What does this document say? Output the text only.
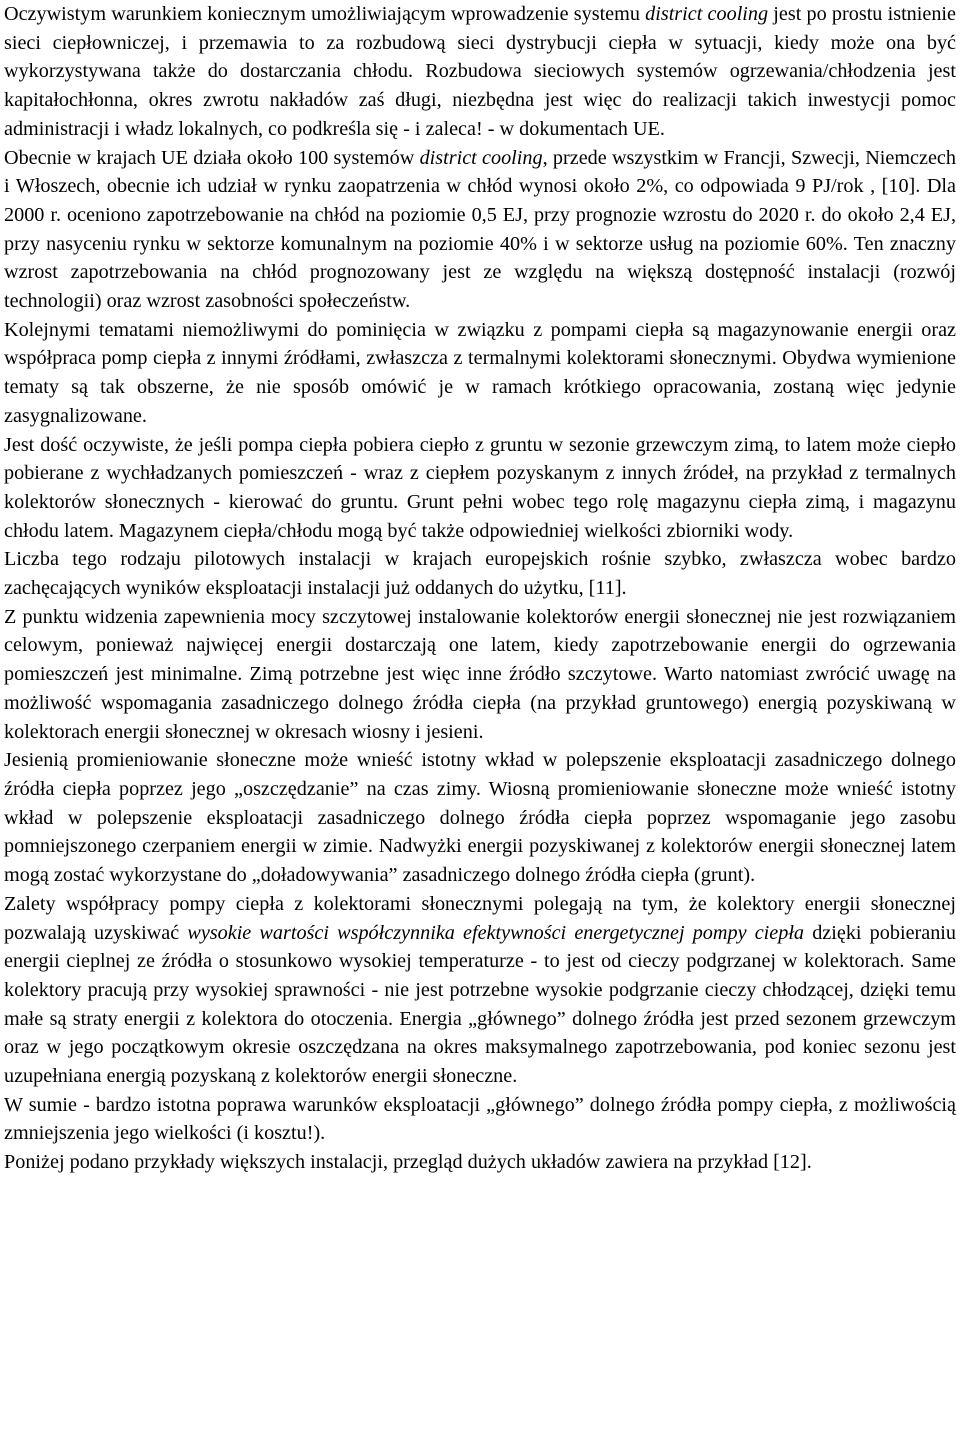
Oczywistym warunkiem koniecznym umożliwiającym wprowadzenie systemu district cooling jest po prostu istnienie sieci ciepłowniczej, i przemawia to za rozbudową sieci dystrybucji ciepła w sytuacji, kiedy może ona być wykorzystywana także do dostarczania chłodu. Rozbudowa sieciowych systemów ogrzewania/chłodzenia jest kapitałochłonna, okres zwrotu nakładów zaś długi, niezbędna jest więc do realizacji takich inwestycji pomoc administracji i władz lokalnych, co podkreśla się - i zaleca! - w dokumentach UE.

Obecnie w krajach UE działa około 100 systemów district cooling, przede wszystkim w Francji, Szwecji, Niemczech i Włoszech, obecnie ich udział w rynku zaopatrzenia w chłód wynosi około 2%, co odpowiada 9 PJ/rok , [10]. Dla 2000 r. oceniono zapotrzebowanie na chłód na poziomie 0,5 EJ, przy prognozie wzrostu do 2020 r. do około 2,4 EJ, przy nasyceniu rynku w sektorze komunalnym na poziomie 40% i w sektorze usług na poziomie 60%. Ten znaczny wzrost zapotrzebowania na chłód prognozowany jest ze względu na większą dostępność instalacji (rozwój technologii) oraz wzrost zasobności społeczeństw.

Kolejnymi tematami niemożliwymi do pominięcia w związku z pompami ciepła są magazynowanie energii oraz współpraca pomp ciepła z innymi źródłami, zwłaszcza z termalnymi kolektorami słonecznymi. Obydwa wymienione tematy są tak obszerne, że nie sposób omówić je w ramach krótkiego opracowania, zostaną więc jedynie zasygnalizowane.

Jest dość oczywiste, że jeśli pompa ciepła pobiera ciepło z gruntu w sezonie grzewczym zimą, to latem może ciepło pobierane z wychładzanych pomieszczeń - wraz z ciepłem pozyskanym z innych źródeł, na przykład z termalnych kolektorów słonecznych - kierować do gruntu. Grunt pełni wobec tego rolę magazynu ciepła zimą, i magazynu chłodu latem. Magazynem ciepła/chłodu mogą być także odpowiedniej wielkości zbiorniki wody.

Liczba tego rodzaju pilotowych instalacji w krajach europejskich rośnie szybko, zwłaszcza wobec bardzo zachęcających wyników eksploatacji instalacji już oddanych do użytku, [11].

Z punktu widzenia zapewnienia mocy szczytowej instalowanie kolektorów energii słonecznej nie jest rozwiązaniem celowym, ponieważ najwięcej energii dostarczają one latem, kiedy zapotrzebowanie energii do ogrzewania pomieszczeń jest minimalne. Zimą potrzebne jest więc inne źródło szczytowe. Warto natomiast zwrócić uwagę na możliwość wspomagania zasadniczego dolnego źródła ciepła (na przykład gruntowego) energią pozyskiwaną w kolektorach energii słonecznej w okresach wiosny i jesieni.

Jesienią promieniowanie słoneczne może wnieść istotny wkład w polepszenie eksploatacji zasadniczego dolnego źródła ciepła poprzez jego „oszczędzanie” na czas zimy. Wiosną promieniowanie słoneczne może wnieść istotny wkład w polepszenie eksploatacji zasadniczego dolnego źródła ciepła poprzez wspomaganie jego zasobu pomniejszonego czerpaniem energii w zimie. Nadwyżki energii pozyskiwanej z kolektorów energii słonecznej latem mogą zostać wykorzystane do „doładowywania” zasadniczego dolnego źródła ciepła (grunt).

Zalety współpracy pompy ciepła z kolektorami słonecznymi polegają na tym, że kolektory energii słonecznej pozwalają uzyskiwać wysokie wartości współczynnika efektywności energetycznej pompy ciepła dzięki pobieraniu energii cieplnej ze źródła o stosunkowo wysokiej temperaturze - to jest od cieczy podgrzanej w kolektorach. Same kolektory pracują przy wysokiej sprawności - nie jest potrzebne wysokie podgrzanie cieczy chłodzącej, dzięki temu małe są straty energii z kolektora do otoczenia. Energia „głównego” dolnego źródła jest przed sezonem grzewczym oraz w jego początkowym okresie oszczędzana na okres maksymalnego zapotrzebowania, pod koniec sezonu jest uzupełniana energią pozyskaną z kolektorów energii słoneczne.

W sumie - bardzo istotna poprawa warunków eksploatacji „głównego” dolnego źródła pompy ciepła, z możliwością zmniejszenia jego wielkości (i kosztu!).

Poniżej podano przykłady większych instalacji, przegląd dużych układów zawiera na przykład [12].
